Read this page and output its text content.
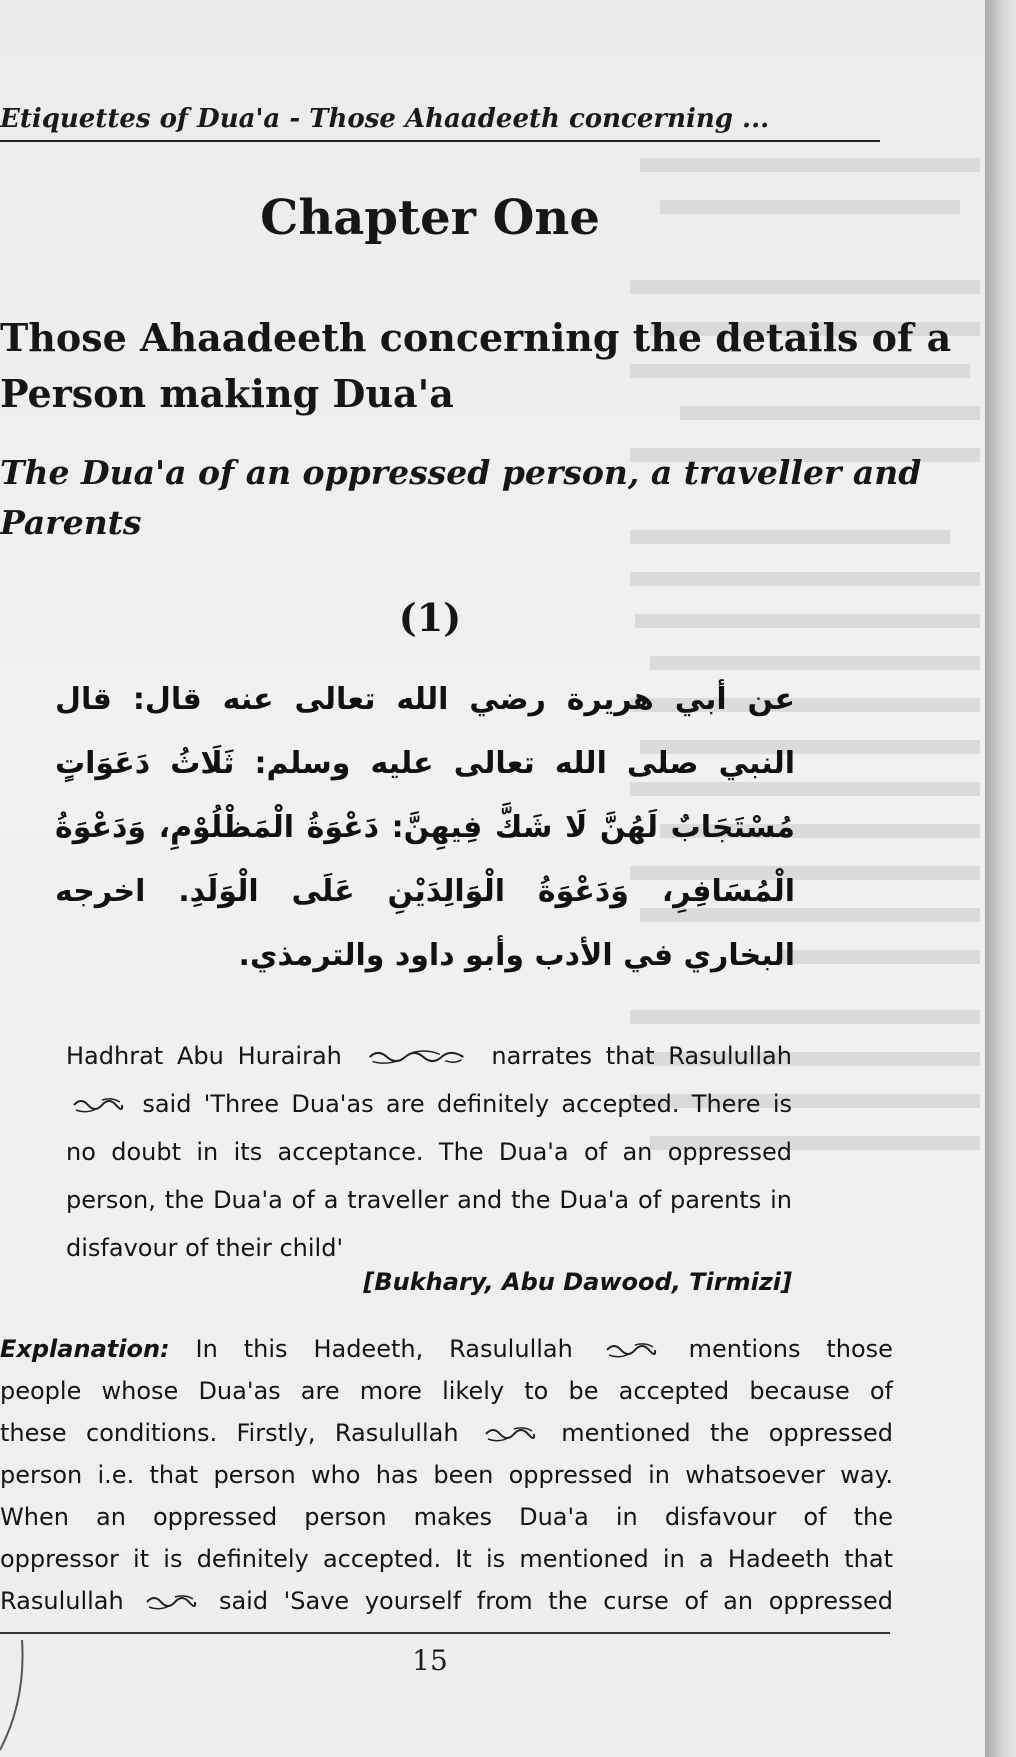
Etiquettes of Dua'a - Those Ahaadeeth concerning ...
Chapter One
Those Ahaadeeth concerning the details of a
Person making Dua'a
The Dua'a of an oppressed person, a traveller and
Parents
(1)
عن أبي هريرة رضي الله تعالى عنه قال: قال النبي صلى الله تعالى عليه وسلم: ثَلَاثُ دَعَوَاتٍ مُسْتَجَابٌ لَهُنَّ لَا شَكَّ فِيهِنَّ: دَعْوَةُ الْمَظْلُوْمِ، وَدَعْوَةُ الْمُسَافِرِ، وَدَعْوَةُ الْوَالِدَيْنِ عَلَى الْوَلَدِ. اخرجه البخاري في الأدب وأبو داود والترمذي.
Hadhrat Abu Hurairah	narrates that Rasulullah  said 'Three Dua'as are definitely accepted. There is no doubt in its acceptance. The Dua'a of an oppressed person, the Dua'a of a traveller and the Dua'a of parents in disfavour of their child'
[Bukhary, Abu Dawood, Tirmizi]
Explanation: In this Hadeeth, Rasulullah	mentions those
people whose Dua'as are more likely to be accepted because of
these conditions. Firstly, Rasulullah	mentioned the oppressed
person i.e. that person who has been oppressed in whatsoever way.
When an oppressed person makes Dua'a in disfavour of the
oppressor it is definitely accepted. It is mentioned in a Hadeeth that
Rasulullah	said 'Save yourself from the curse of an oppressed
15
